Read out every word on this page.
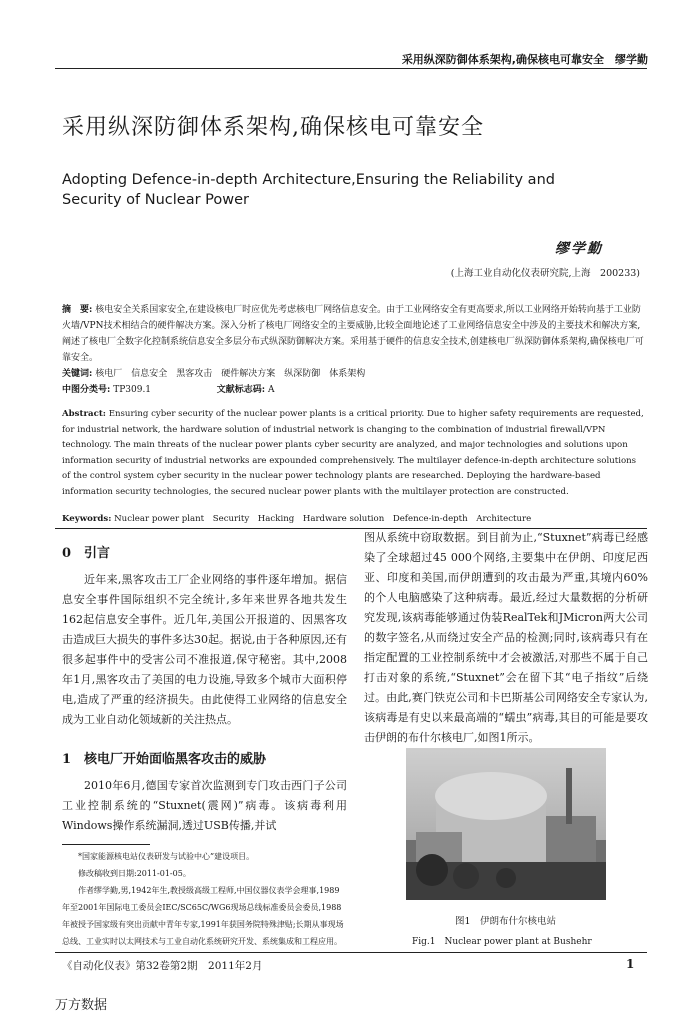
采用纵深防御体系架构,确保核电可靠安全　缪学勤
采用纵深防御体系架构,确保核电可靠安全
Adopting Defence-in-depth Architecture,Ensuring the Reliability and Security of Nuclear Power
缪学勤
(上海工业自动化仪表研究院,上海　200233)
摘　要: 核电安全关系国家安全,在建设核电厂时应优先考虑核电厂网络信息安全。由于工业网络安全有更高要求,所以工业网络开始转向基于工业防火墙/VPN技术相结合的硬件解决方案。深入分析了核电厂网络安全的主要威胁,比较全面地论述了工业网络信息安全中涉及的主要技术和解决方案,阐述了核电厂全数字化控制系统信息安全多层分布式纵深防御解决方案。采用基于硬件的信息安全技术,创建核电厂纵深防御体系架构,确保核电厂可靠安全。
关键词: 核电厂　信息安全　黑客攻击　硬件解决方案　纵深防御　体系架构
中图分类号: TP309.1	文献标志码: A
Abstract: Ensuring cyber security of the nuclear power plants is a critical priority. Due to higher safety requirements are requested, for industrial network, the hardware solution of industrial network is changing to the combination of industrial firewall/VPN technology. The main threats of the nuclear power plants cyber security are analyzed, and major technologies and solutions upon information security of industrial networks are expounded comprehensively. The multilayer defence-in-depth architecture solutions of the control system cyber security in the nuclear power technology plants are researched. Deploying the hardware-based information security technologies, the secured nuclear power plants with the multilayer protection are constructed.
Keywords: Nuclear power plant　Security　Hacking　Hardware solution　Defence-in-depth　Architecture
0　引言
近年来,黑客攻击工厂企业网络的事件逐年增加。据信息安全事件国际组织不完全统计,多年来世界各地共发生162起信息安全事件。近几年,美国公开报道的、因黑客攻击造成巨大损失的事件多达30起。据说,由于各种原因,还有很多起事件中的受害公司不准报道,保守秘密。其中,2008年1月,黑客攻击了美国的电力设施,导致多个城市大面积停电,造成了严重的经济损失。由此使得工业网络的信息安全成为工业自动化领域新的关注热点。
1　核电厂开始面临黑客攻击的威胁
2010年6月,德国专家首次监测到专门攻击西门子公司工业控制系统的“Stuxnet(震网)”病毒。该病毒利用Windows操作系统漏洞,透过USB传播,并试
*国家能源核电站仪表研发与试验中心”建设项目。
修改稿收到日期:2011-01-05。
作者缪学勤,男,1942年生,教授级高级工程师,中国仪器仪表学会理事,1989年至2001年国际电工委员会IEC/SC65C/WG6现场总线标准委员会委员,1988年被授予国家级有突出贡献中青年专家,1991年获国务院特殊津贴;长期从事现场总线、工业实时以太网技术与工业自动化系统研究开发、系统集成和工程应用。
图从系统中窃取数据。到目前为止,“Stuxnet”病毒已经感染了全球超过45 000个网络,主要集中在伊朗、印度尼西亚、印度和美国,而伊朗遭到的攻击最为严重,其境内60%的个人电脑感染了这种病毒。最近,经过大量数据的分析研究发现,该病毒能够通过伪装RealTek和JMicron两大公司的数字签名,从而绕过安全产品的检测;同时,该病毒只有在指定配置的工业控制系统中才会被激活,对那些不属于自己打击对象的系统,“Stuxnet”会在留下其“电子指纹”后绕过。由此,赛门铁克公司和卡巴斯基公司网络安全专家认为,该病毒是有史以来最高端的“蠕虫”病毒,其目的可能是要攻击伊朗的布什尔核电厂,如图1所示。
图1　伊朗布什尔核电站
Fig.1　Nuclear power plant at Bushehr
《自动化仪表》第32卷第2期　2011年2月	1
万方数据
